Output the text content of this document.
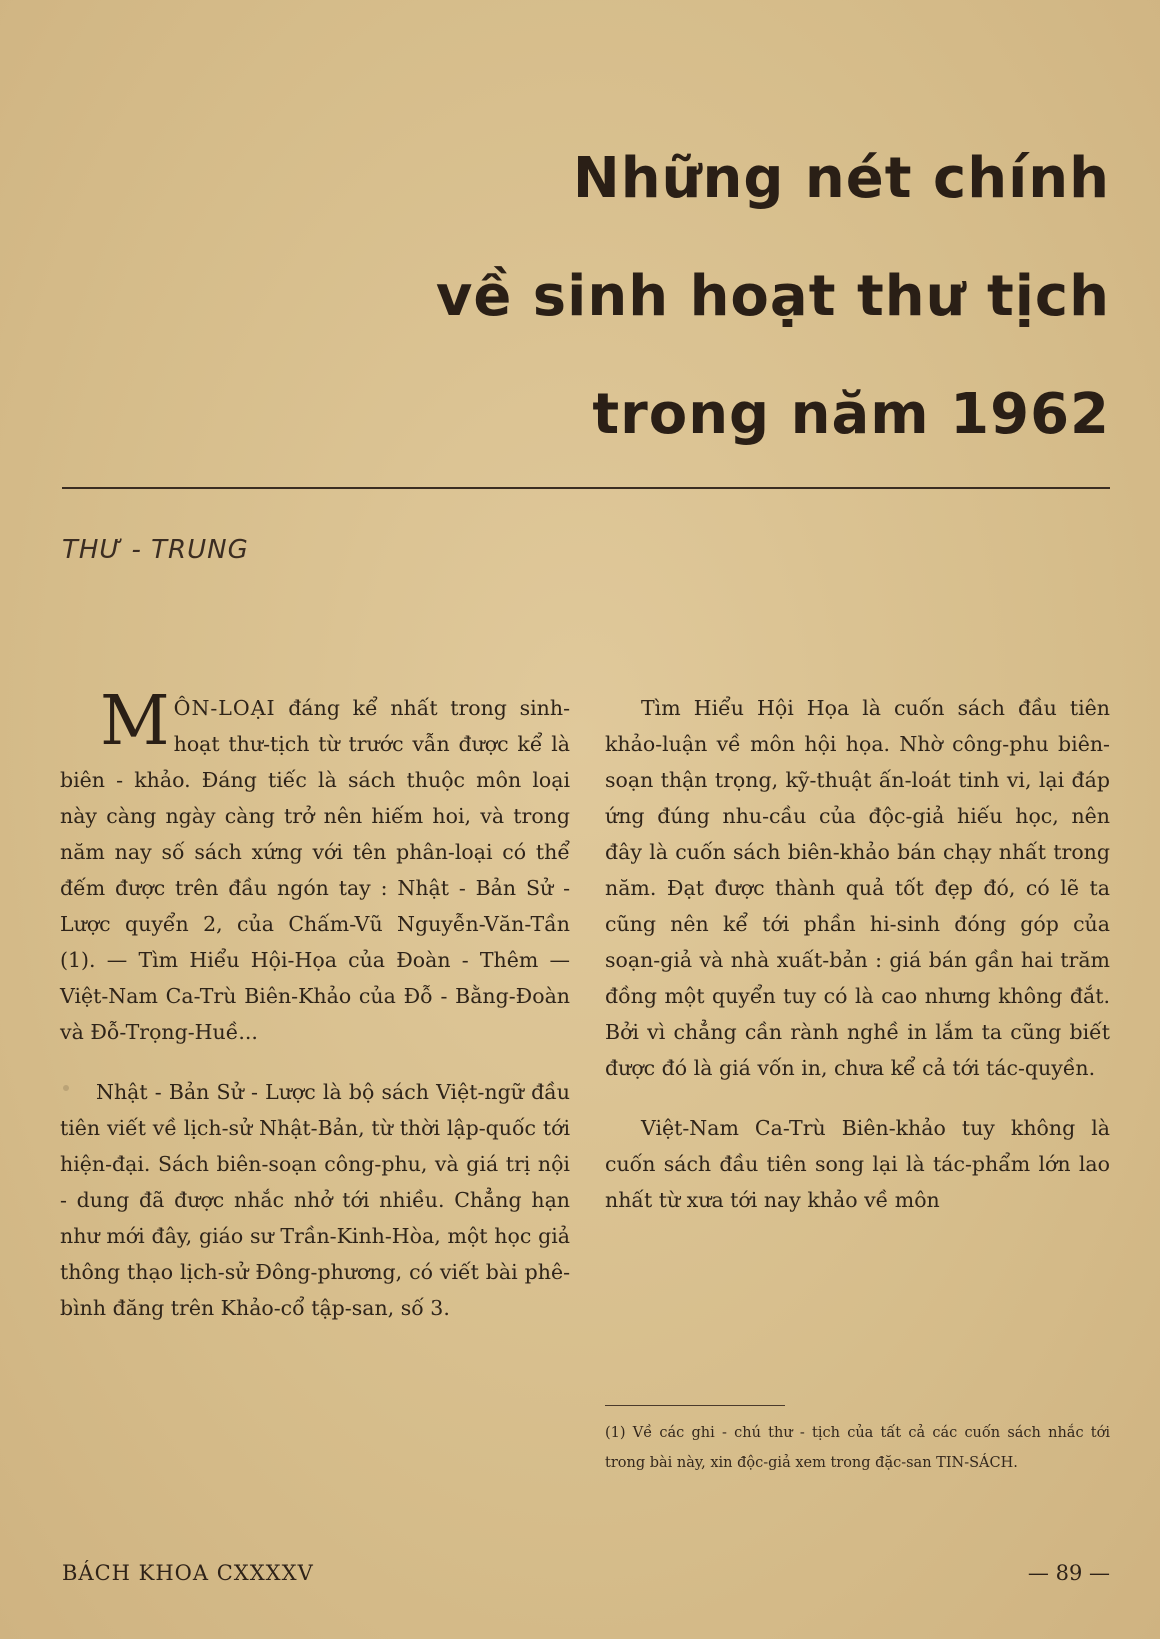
Những nét chính
về sinh hoạt thư tịch
trong năm 1962
THƯ - TRUNG

MÔN-LOẠI đáng kể nhất trong sinh-hoạt thư-tịch từ trước vẫn được kể là biên - khảo. Đáng tiếc là sách thuộc môn loại này càng ngày càng trở nên hiếm hoi, và trong năm nay số sách xứng với tên phân-loại có thể đếm được trên đầu ngón tay : Nhật - Bản Sử - Lược quyển 2, của Chấm-Vũ Nguyễn-Văn-Tần (1). — Tìm Hiểu Hội-Họa của Đoàn - Thêm — Việt-Nam Ca-Trù Biên-Khảo của Đỗ - Bằng-Đoàn và Đỗ-Trọng-Huề...

Nhật - Bản Sử - Lược là bộ sách Việt-ngữ đầu tiên viết về lịch-sử Nhật-Bản, từ thời lập-quốc tới hiện-đại. Sách biên-soạn công-phu, và giá trị nội - dung đã được nhắc nhở tới nhiều. Chẳng hạn như mới đây, giáo sư Trần-Kinh-Hòa, một học giả thông thạo lịch-sử Đông-phương, có viết bài phê-bình đăng trên Khảo-cổ tập-san, số 3.

Tìm Hiểu Hội Họa là cuốn sách đầu tiên khảo-luận về môn hội họa. Nhờ công-phu biên-soạn thận trọng, kỹ-thuật ấn-loát tinh vi, lại đáp ứng đúng nhu-cầu của độc-giả hiếu học, nên đây là cuốn sách biên-khảo bán chạy nhất trong năm. Đạt được thành quả tốt đẹp đó, có lẽ ta cũng nên kể tới phần hi-sinh đóng góp của soạn-giả và nhà xuất-bản : giá bán gần hai trăm đồng một quyển tuy có là cao nhưng không đắt. Bởi vì chẳng cần rành nghề in lắm ta cũng biết được đó là giá vốn in, chưa kể cả tới tác-quyền.

Việt-Nam Ca-Trù Biên-khảo tuy không là cuốn sách đầu tiên song lại là tác-phẩm lớn lao nhất từ xưa tới nay khảo về môn

(1) Về các ghi - chú thư - tịch của tất cả các cuốn sách nhắc tới trong bài này, xin độc-giả xem trong đặc-san TIN-SÁCH.
BÁCH KHOA CXXXXV	— 89 —
